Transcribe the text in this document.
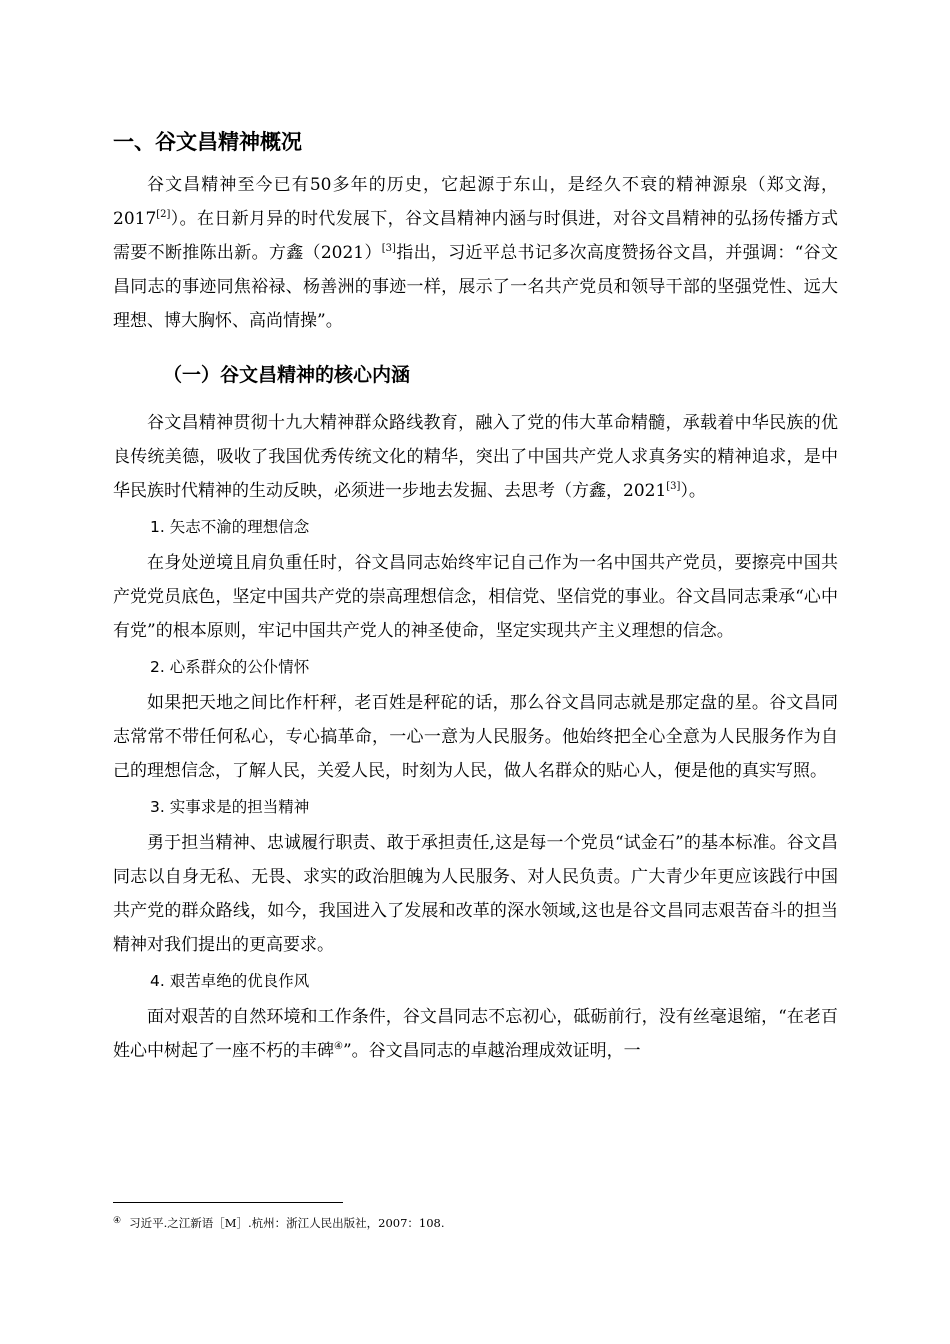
一、谷文昌精神概况

谷文昌精神至今已有50多年的历史，它起源于东山，是经久不衰的精神源泉（郑文海，2017[2]）。在日新月异的时代发展下，谷文昌精神内涵与时俱进，对谷文昌精神的弘扬传播方式需要不断推陈出新。方鑫（2021）[3]指出，习近平总书记多次高度赞扬谷文昌，并强调：“谷文昌同志的事迹同焦裕禄、杨善洲的事迹一样，展示了一名共产党员和领导干部的坚强党性、远大理想、博大胸怀、高尚情操”。

（一）谷文昌精神的核心内涵

谷文昌精神贯彻十九大精神群众路线教育，融入了党的伟大革命精髓，承载着中华民族的优良传统美德，吸收了我国优秀传统文化的精华，突出了中国共产党人求真务实的精神追求，是中华民族时代精神的生动反映，必须进一步地去发掘、去思考（方鑫，2021[3]）。

1. 矢志不渝的理想信念

在身处逆境且肩负重任时，谷文昌同志始终牢记自己作为一名中国共产党员，要擦亮中国共产党党员底色，坚定中国共产党的崇高理想信念，相信党、坚信党的事业。谷文昌同志秉承“心中有党”的根本原则，牢记中国共产党人的神圣使命，坚定实现共产主义理想的信念。

2. 心系群众的公仆情怀

如果把天地之间比作杆秤，老百姓是秤砣的话，那么谷文昌同志就是那定盘的星。谷文昌同志常常不带任何私心，专心搞革命，一心一意为人民服务。他始终把全心全意为人民服务作为自己的理想信念，了解人民，关爱人民，时刻为人民，做人名群众的贴心人，便是他的真实写照。

3. 实事求是的担当精神

勇于担当精神、忠诚履行职责、敢于承担责任,这是每一个党员“试金石”的基本标准。谷文昌同志以自身无私、无畏、求实的政治胆魄为人民服务、对人民负责。广大青少年更应该践行中国共产党的群众路线，如今，我国进入了发展和改革的深水领域,这也是谷文昌同志艰苦奋斗的担当精神对我们提出的更高要求。

4. 艰苦卓绝的优良作风

面对艰苦的自然环境和工作条件，谷文昌同志不忘初心，砥砺前行，没有丝毫退缩，“在老百姓心中树起了一座不朽的丰碑④”。谷文昌同志的卓越治理成效证明，一

④ 习近平.之江新语［M］.杭州：浙江人民出版社，2007：108.
